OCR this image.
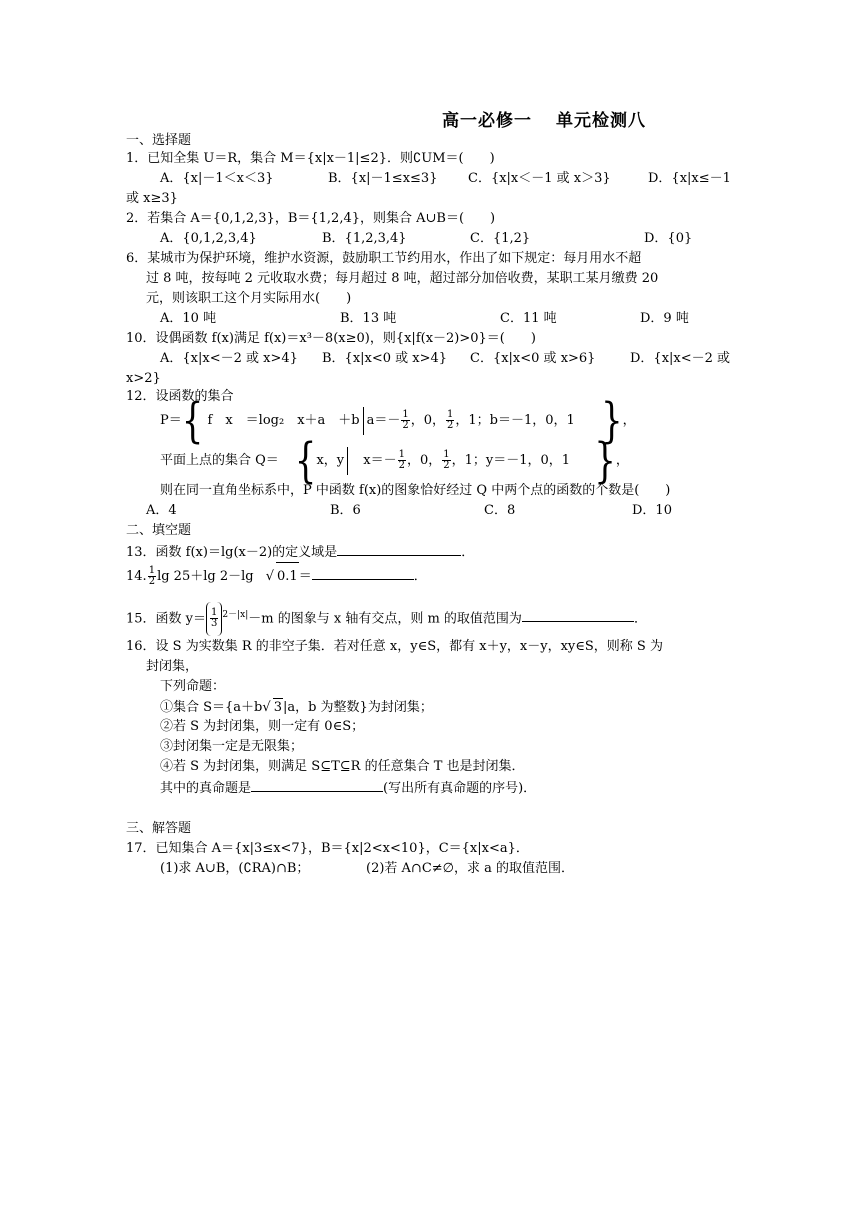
高一必修一 单元检测八
一、选择题
1．已知全集 U＝R，集合 M＝{x|x－1|≤2}．则∁UM＝(　　)
A．{x|－1＜x＜3}	B．{x|－1≤x≤3} C．{x|x＜－1 或 x＞3}	D．{x|x≤－1
或 x≥3}
2．若集合 A＝{0,1,2,3}，B＝{1,2,4}，则集合 A∪B＝(　　)
A．{0,1,2,3,4}	B．{1,2,3,4}	C．{1,2}	D．{0}
6．某城市为保护环境，维护水资源，鼓励职工节约用水，作出了如下规定：每月用水不超
过 8 吨，按每吨 2 元收取水费；每月超过 8 吨，超过部分加倍收费，某职工某月缴费 20
元，则该职工这个月实际用水(　　)
A．10 吨	B．13 吨	C．11 吨	D．9 吨
10．设偶函数 f(x)满足 f(x)＝x³－8(x≥0)，则{x|f(x－2)>0}＝(　　)
A．{x|x<－2 或 x>4} B．{x|x<0 或 x>4} C．{x|x<0 或 x>6}	D．{x|x<－2 或
x>2}
12．设函数的集合
P＝{ f　x　＝log₂　x＋a　＋b $a=- \frac{1}{2}$ ，0， $\frac{1}{2}$ ，1；b＝－1，0，1 }，
平面上点的集合 Q＝ {x，y $x=- \frac{1}{2}$ ，0， $\frac{1}{2}$ ，1；y＝－1，0，1 }，
则在同一直角坐标系中，P 中函数 f(x)的图象恰好经过 Q 中两个点的函数的个数是(　　)
A．4	B．6	C．8	D．10
二、填空题
13．函数 f(x)＝lg(x－2)的定义域是	．
14. $\frac{1}{2}$ lg 25＋lg 2－lg √ 0.1＝	．
15．函数 $y= \frac{1}{3} ^{2-|x|}-m$ 的图象与 x 轴有交点，则 m 的取值范围为	．
16．设 S 为实数集 R 的非空子集．若对任意 x，y∈S，都有 x＋y，x－y，xy∈S，则称 S 为
封闭集，
下列命题：
①集合 S＝{a＋b√ 3|a，b 为整数}为封闭集；
②若 S 为封闭集，则一定有 0∈S；
③封闭集一定是无限集；
④若 S 为封闭集，则满足 S⊆T⊆R 的任意集合 T 也是封闭集．
其中的真命题是	(写出所有真命题的序号)．
三、解答题
17．已知集合 A＝{x|3≤x<7}，B＝{x|2<x<10}，C＝{x|x<a}．
(1)求 A∪B，(∁RA)∩B；	(2)若 A∩C≠∅，求 a 的取值范围．
